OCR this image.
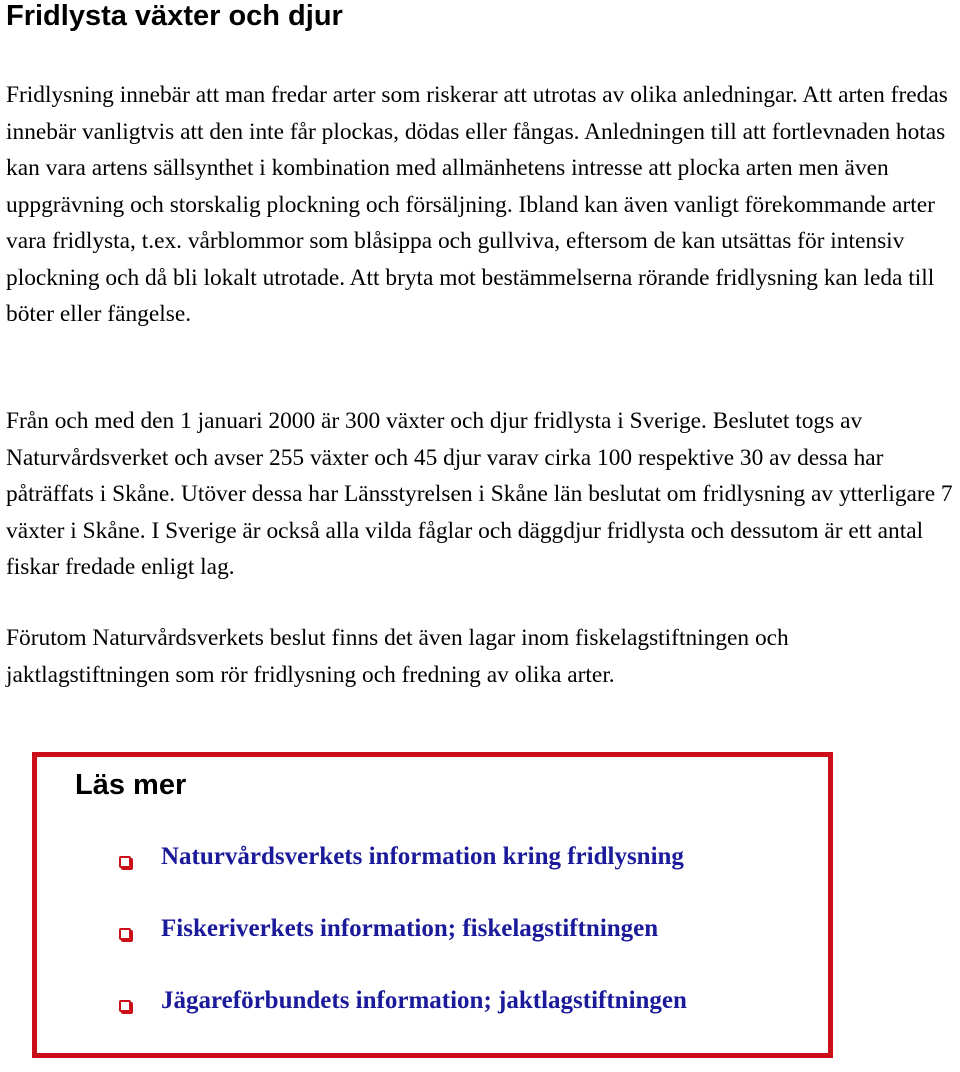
Fridlysta växter och djur

Fridlysning innebär att man fredar arter som riskerar att utrotas av olika anledningar. Att arten fredas innebär vanligtvis att den inte får plockas, dödas eller fångas. Anledningen till att fortlevnaden hotas kan vara artens sällsynthet i kombination med allmänhetens intresse att plocka arten men även uppgrävning och storskalig plockning och försäljning. Ibland kan även vanligt förekommande arter vara fridlysta, t.ex. vårblommor som blåsippa och gullviva, eftersom de kan utsättas för intensiv plockning och då bli lokalt utrotade. Att bryta mot bestämmelserna rörande fridlysning kan leda till böter eller fängelse.

Från och med den 1 januari 2000 är 300 växter och djur fridlysta i Sverige. Beslutet togs av Naturvårdsverket och avser 255 växter och 45 djur varav cirka 100 respektive 30 av dessa har påträffats i Skåne. Utöver dessa har Länsstyrelsen i Skåne län beslutat om fridlysning av ytterligare 7 växter i Skåne. I Sverige är också alla vilda fåglar och däggdjur fridlysta och dessutom är ett antal fiskar fredade enligt lag.

Förutom Naturvårdsverkets beslut finns det även lagar inom fiskelagstiftningen och jaktlagstiftningen som rör fridlysning och fredning av olika arter.

Läs mer
Naturvårdsverkets information kring fridlysning
Fiskeriverkets information; fiskelagstiftningen
Jägareförbundets information; jaktlagstiftningen
